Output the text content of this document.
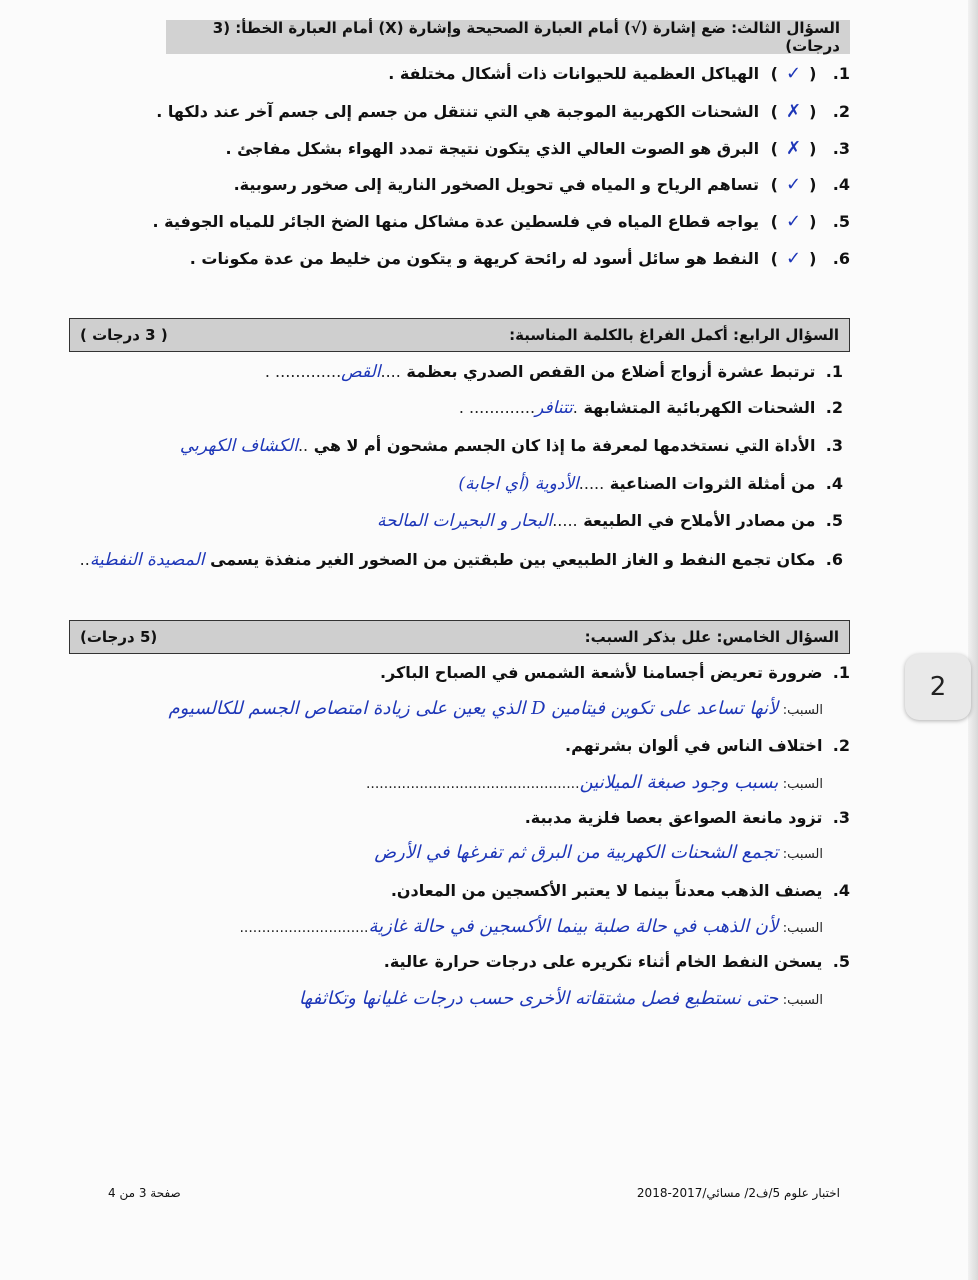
السؤال الثالث: ضع إشارة (√) أمام العبارة الصحيحة وإشارة (X) أمام العبارة الخطأ: (3 درجات)
1. ( ✓ ) الهياكل العظمية للحيوانات ذات أشكال مختلفة .
2. ( ✗ ) الشحنات الكهربية الموجبة هي التي تنتقل من جسم إلى جسم آخر عند دلكها .
3. ( ✗ ) البرق هو الصوت العالي الذي يتكون نتيجة تمدد الهواء بشكل مفاجئ .
4. ( ✓ ) تساهم الرياح و المياه في تحويل الصخور النارية إلى صخور رسوبية.
5. ( ✓ ) يواجه قطاع المياه في فلسطين عدة مشاكل منها الضخ الجائر للمياه الجوفية .
6. ( ✓ ) النفط هو سائل أسود له رائحة كريهة و يتكون من خليط من عدة مكونات .
( 3 درجات )	السؤال الرابع: أكمل الفراغ بالكلمة المناسبة:
1. ترتبط عشرة أزواج أضلاع من القفص الصدري بعظمة ....القص............. .
2. الشحنات الكهربائية المتشابهة .تتنافر............. .
3. الأداة التي نستخدمها لمعرفة ما إذا كان الجسم مشحون أم لا هي ..الكشاف الكهربي
4. من أمثلة الثروات الصناعية .....الأدوية (أي اجابة)
5. من مصادر الأملاح في الطبيعة .....البحار و البحيرات المالحة
6. مكان تجمع النفط و الغاز الطبيعي بين طبقتين من الصخور الغير منفذة يسمى المصيدة النفطية..
(5 درجات)	السؤال الخامس: علل بذكر السبب:
1. ضرورة تعريض أجسامنا لأشعة الشمس في الصباح الباكر.
السبب: لأنها تساعد على تكوين فيتامين D الذي يعين على زيادة امتصاص الجسم للكالسيوم
2. اختلاف الناس في ألوان بشرتهم.
السبب: بسبب وجود صبغة الميلانين................................................
3. تزود مانعة الصواعق بعصا فلزية مدببة.
السبب: تجمع الشحنات الكهربية من البرق ثم تفرغها في الأرض
4. يصنف الذهب معدناً بينما لا يعتبر الأكسجين من المعادن.
السبب: لأن الذهب في حالة صلبة بينما الأكسجين في حالة غازية.............................
5. يسخن النفط الخام أثناء تكريره على درجات حرارة عالية.
السبب: حتى نستطيع فصل مشتقاته الأخرى حسب درجات غليانها وتكاثفها
2
صفحة 3 من 4	اختبار علوم 5/ف2/ مسائي/2017-2018
